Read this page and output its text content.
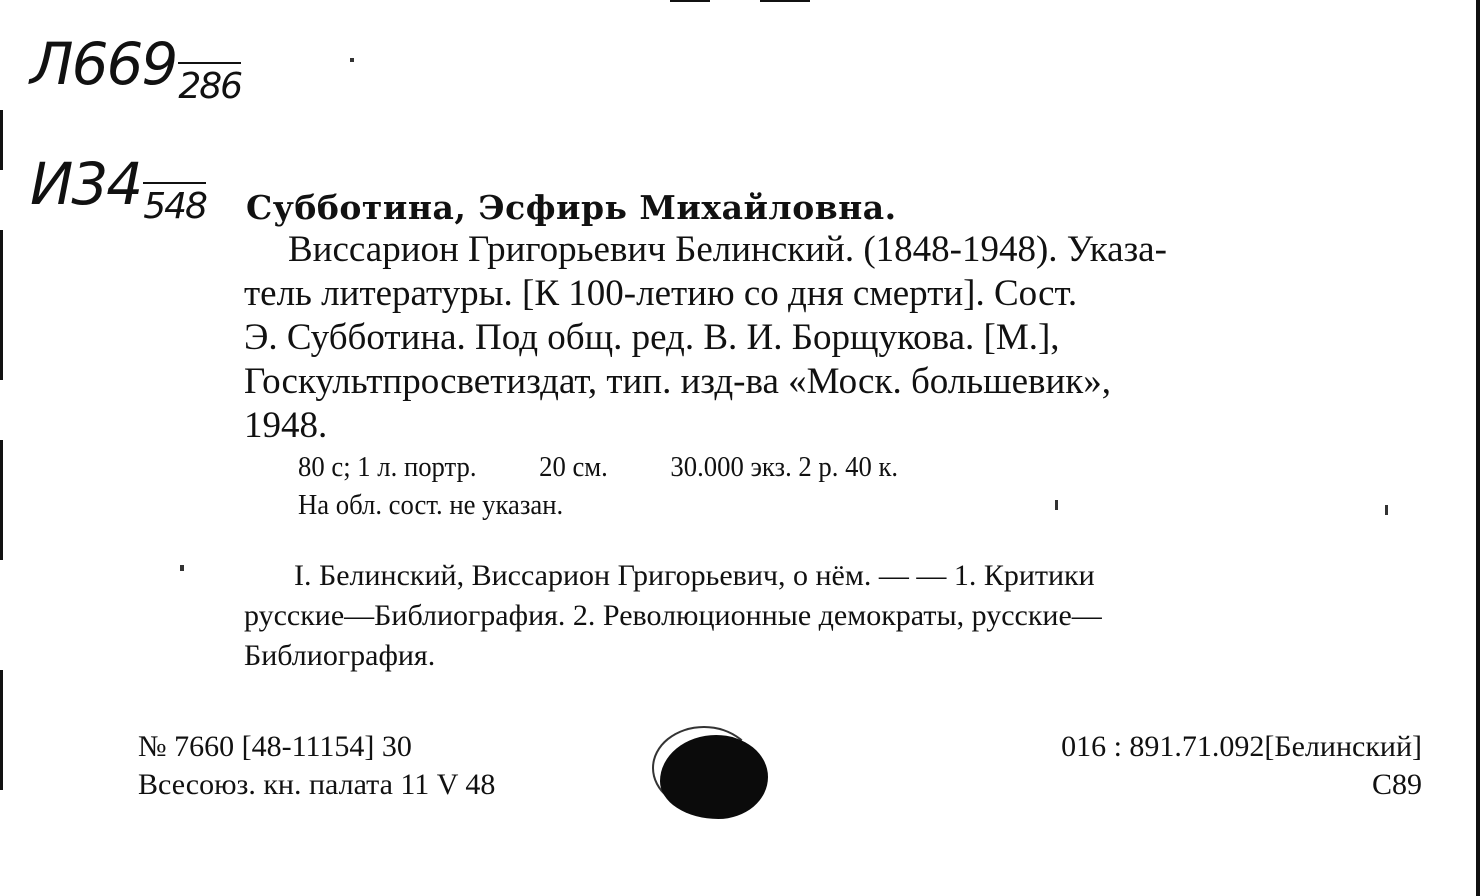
Л669286
И34548 Субботина, Эсфирь Михайловна.

Виссарион Григорьевич Белинский. (1848-1948). Указа-

тель литературы. [К 100-летию со дня смерти]. Сост.

Э. Субботина. Под общ. ред. В. И. Борщукова. [М.],

Госкультпросветиздат, тип. изд-ва «Моск. большевик»,

1948.

80 с; 1 л. портр. 20 см. 30.000 экз. 2 р. 40 к.
На обл. сост. не указан.

I. Белинский, Виссарион Григорьевич, о нём. — — 1. Критики

русские—Библиография. 2. Революционные демократы, русские—

Библиография.

№ 7660 [48-11154] 30
Всесоюз. кн. палата 11 V 48
016 : 891.71.092[Белинский]
С89
